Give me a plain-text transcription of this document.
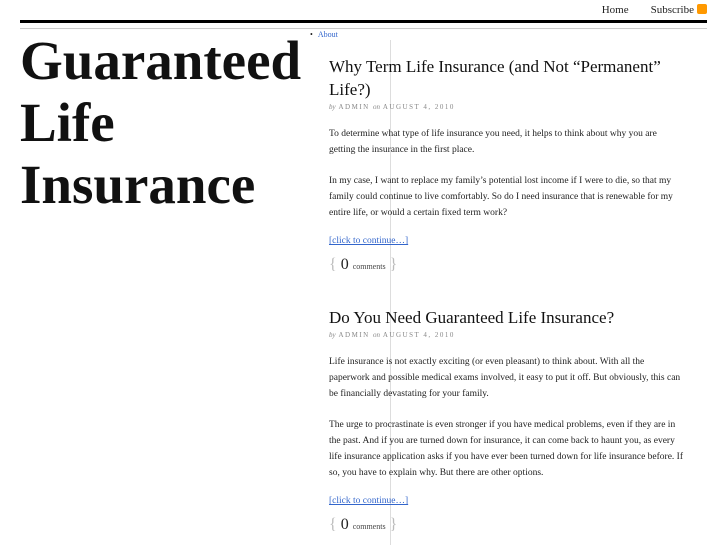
Home Subscribe
Guaranteed Life Insurance
• About
Why Term Life Insurance (and Not “Permanent” Life?)
by ADMIN on AUGUST 4, 2010

To determine what type of life insurance you need, it helps to think about why you are getting the insurance in the first place.

In my case, I want to replace my family’s potential lost income if I were to die, so that my family could continue to live comfortably. So do I need insurance that is renewable for my entire life, or would a certain fixed term work?

[click to continue…]
{ 0 comments }
Do You Need Guaranteed Life Insurance?
by ADMIN on AUGUST 4, 2010

Life insurance is not exactly exciting (or even pleasant) to think about. With all the paperwork and possible medical exams involved, it easy to put it off. But obviously, this can be financially devastating for your family.

The urge to procrastinate is even stronger if you have medical problems, even if they are in the past. And if you are turned down for insurance, it can come back to haunt you, as every life insurance application asks if you have ever been turned down for life insurance before. If so, you have to explain why. But there are other options.

[click to continue…]
{ 0 comments }
